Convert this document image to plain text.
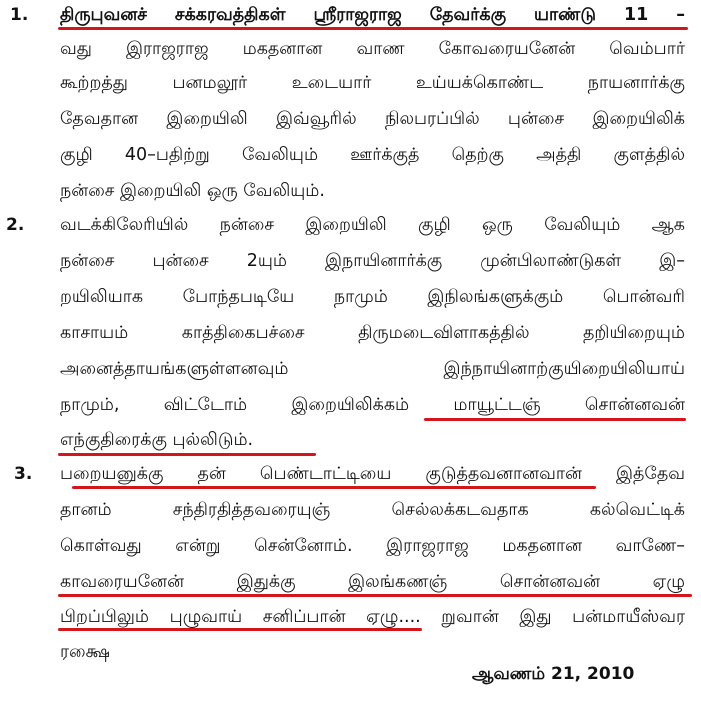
1. திருபுவனச் சக்கரவத்திகள் ஸ்ரீராஜராஜ தேவர்க்கு யாண்டு 11 –
வது இராஜராஜ மகதனான வாண கோவரையனேன் வெம்பார்
கூற்றத்து பனமலூர் உடையார் உய்யக்கொண்ட நாயனார்க்கு
தேவதான இறையிலி இவ்வூரில் நிலபரப்பில் புன்சை இறையிலிக்
குழி 40–பதிற்று வேலியும் ஊர்க்குத் தெற்கு அத்தி குளத்தில்
நன்சை இறையிலி ஒரு வேலியும்.
2. வடக்கிலேரியில் நன்சை இறையிலி குழி ஒரு வேலியும் ஆக
நன்சை புன்சை 2யும் இநாயினார்க்கு முன்பிலாண்டுகள் இ–
றயிலியாக போந்தபடியே நாமும் இநிலங்களுக்கும் பொன்வரி
காசாயம் காத்திகைபச்சை திருமடைவிளாகத்தில் தறியிறையும்
அனைத்தாயங்களுள்ளனவும் இந்நாயினாற்குயிறையிலியாய்
நாமும், விட்டோம் இறையிலிக்கம் மாயூட்டஞ் சொன்னவன்
எந்குதிரைக்கு புல்லிடும்.
3. பறையனுக்கு தன் பெண்டாட்டியை குடுத்தவனானவான் இத்தேவ
தானம் சந்திரதித்தவரையுஞ் செல்லக்கடவதாக கல்வெட்டிக்
கொள்வது என்று சென்னோம். இராஜராஜ மகதனான வாணே–
காவரையனேன் இதுக்கு இலங்கணஞ் சொன்னவன் ஏழு
பிறப்பிலும் புழுவாய் சனிப்பான் ஏழு.... றுவான் இது பன்மாயீஸ்வர
ரக்ஷை
ஆவணம் 21, 2010
